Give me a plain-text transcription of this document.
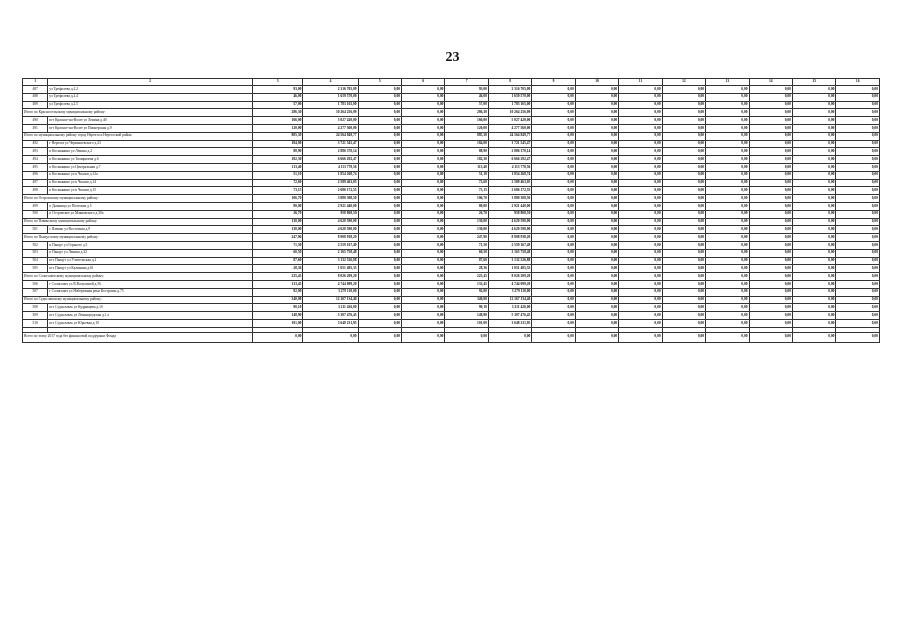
23
1	2	3	4	5	6	7	8	9	10	11	12	13	14	15	16
487	ул Трефолева д.2.2	93,00	2 316 705,09	0,00	0,00	93,00	2 316 705,09	0,00	0,00	0,00	0,00	0,00	0,00	0,00	0,00
488	ул Трефолева д.2.4	46,00	1 659 570,00	0,00	0,00	46,00	1 659 570,00	0,00	0,00	0,00	0,00	0,00	0,00	0,00	0,00
489	ул Трефолева д.2.5	57,00	1 783 165,00	0,00	0,00	57,00	1 783 165,00	0,00	0,00	0,00	0,00	0,00	0,00	0,00	0,00
Итого по Красносельскому муниципальному району:		286,30	10 264 256,09	0,00	0,00	286,30	10 264 256,09	0,00	0,00	0,00	0,00	0,00	0,00	0,00	0,00
490	пгт Красное-на-Волге ул Ленина д.40	166,00	5 027 420,00	0,00	0,00	166,00	5 027 420,00	0,00	0,00	0,00	0,00	0,00	0,00	0,00	0,00
491	пгт Красное-на-Волге ул Пионерская д.9	120,00	4 277 560,00	0,00	0,00	120,00	4 277 560,00	0,00	0,00	0,00	0,00	0,00	0,00	0,00	0,00
Итого по муниципальному району город Нерехта и Нерехтский район:		885,30	24 564 849,77	0,00	0,00	885,30	24 564 849,77	0,00	0,00	0,00	0,00	0,00	0,00	0,00	0,00
492	г Нерехта ул Чернышевского д.23	184,00	3 721 545,47	0,00	0,00	184,00	3 721 545,47	0,00	0,00	0,00	0,00	0,00	0,00	0,00	0,00
493	п Космынино ул Ленина д.2	88,90	2 886 370,14	0,00	0,00	88,90	2 886 370,14	0,00	0,00	0,00	0,00	0,00	0,00	0,00	0,00
494	п Космынино ул Тимирязева д.6	182,30	6 666 292,47	0,00	0,00	182,30	6 666 292,47	0,00	0,00	0,00	0,00	0,00	0,00	0,00	0,00
495	п Космынино ул Центральная д.7	113,40	4 113 778,56	0,00	0,00	113,40	4 113 778,56	0,00	0,00	0,00	0,00	0,00	0,00	0,00	0,00
496	п Космынино ул к Чкалов д.12а	51,10	1 854 268,74	0,00	0,00	51,10	1 854 268,74	0,00	0,00	0,00	0,00	0,00	0,00	0,00	0,00
497	п Космынино ул к Чкалов д.14	72,60	2 589 463,05	0,00	0,00	72,60	2 589 463,05	0,00	0,00	0,00	0,00	0,00	0,00	0,00	0,00
498	п Космынино ул к Чкалов д.15	73,15	2 686 172,55	0,00	0,00	73,15	2 686 172,55	0,00	0,00	0,00	0,00	0,00	0,00	0,00	0,00
Итого по Островскому муниципальному району:		106,70	3 880 308,50	0,00	0,00	106,70	3 880 308,50	0,00	0,00	0,00	0,00	0,00	0,00	0,00	0,00
499	п Дымница ул Почтовая д.5	80,00	2 921 440,00	0,00	0,00	80,00	2 921 440,00	0,00	0,00	0,00	0,00	0,00	0,00	0,00	0,00
500	п Островское ул Маяковского д.30а	26,70	958 868,50	0,00	0,00	26,70	958 868,50	0,00	0,00	0,00	0,00	0,00	0,00	0,00	0,00
Итого по Павинскому муниципальному району:		130,00	4 620 590,00	0,00	0,00	130,00	4 620 590,00	0,00	0,00	0,00	0,00	0,00	0,00	0,00	0,00
501	с Павино ул Восточная д.9	130,00	4 620 590,00	0,00	0,00	130,00	4 620 590,00	0,00	0,00	0,00	0,00	0,00	0,00	0,00	0,00
Итого по Пыщугскому муниципальному району:		247,96	8 908 938,20	0,00	0,00	247,96	8 908 938,20	0,00	0,00	0,00	0,00	0,00	0,00	0,00	0,00
502	п Пыщуг ул Горького д.5	71,50	2 559 167,49	0,00	0,00	71,50	2 559 167,49	0,00	0,00	0,00	0,00	0,00	0,00	0,00	0,00
503	п Пыщуг ул Ленина д.32	60,50	2 165 758,48	0,00	0,00	60,50	2 165 758,48	0,00	0,00	0,00	0,00	0,00	0,00	0,00	0,00
504	пгт Пыщуг ул Учительская д.2	87,60	3 132 526,88	0,00	0,00	87,60	3 132 526,88	0,00	0,00	0,00	0,00	0,00	0,00	0,00	0,00
505	пгт Пыщуг ул Калинина д.61	28,36	1 051 485,35	0,00	0,00	28,36	1 051 485,35	0,00	0,00	0,00	0,00	0,00	0,00	0,00	0,00
Итого по Солигаличскому муниципальному району:		225,45	8 026 209,20	0,00	0,00	225,45	8 026 209,20	0,00	0,00	0,00	0,00	0,00	0,00	0,00	0,00
506	г Солигалич ул В.Валухиной д.56	133,45	4 744 099,20	0,00	0,00	133,45	4 744 099,20	0,00	0,00	0,00	0,00	0,00	0,00	0,00	0,00
507	г Солигалич ул Набережная реки Костромы д.75	92,00	3 279 110,00	0,00	0,00	92,00	3 279 110,00	0,00	0,00	0,00	0,00	0,00	0,00	0,00	0,00
Итого по Судиславскому муниципальному району:		340,00	12 167 134,40	0,00	0,00	340,00	12 167 134,40	0,00	0,00	0,00	0,00	0,00	0,00	0,00	0,00
508	пгт Судиславль ул Кудрявцева д.1б	90,10	3 211 426,00	0,00	0,00	90,10	3 211 426,00	0,00	0,00	0,00	0,00	0,00	0,00	0,00	0,00
509	пгт Судиславль ул Ленинградская д.1 а	148,90	5 307 476,45	0,00	0,00	148,90	5 307 476,45	0,00	0,00	0,00	0,00	0,00	0,00	0,00	0,00
510	пгт Судиславль ул Юрьевая д.10	101,00	3 648 231,95	0,00	0,00	101,00	3 648 231,95	0,00	0,00	0,00	0,00	0,00	0,00	0,00	0,00

Всего по этапу 2017 года без финансовой поддержки Фонда		0,00	0,00	0,00	0,00	0,00	0,00	0,00	0,00	0,00	0,00	0,00	0,00	0,00	0,00
